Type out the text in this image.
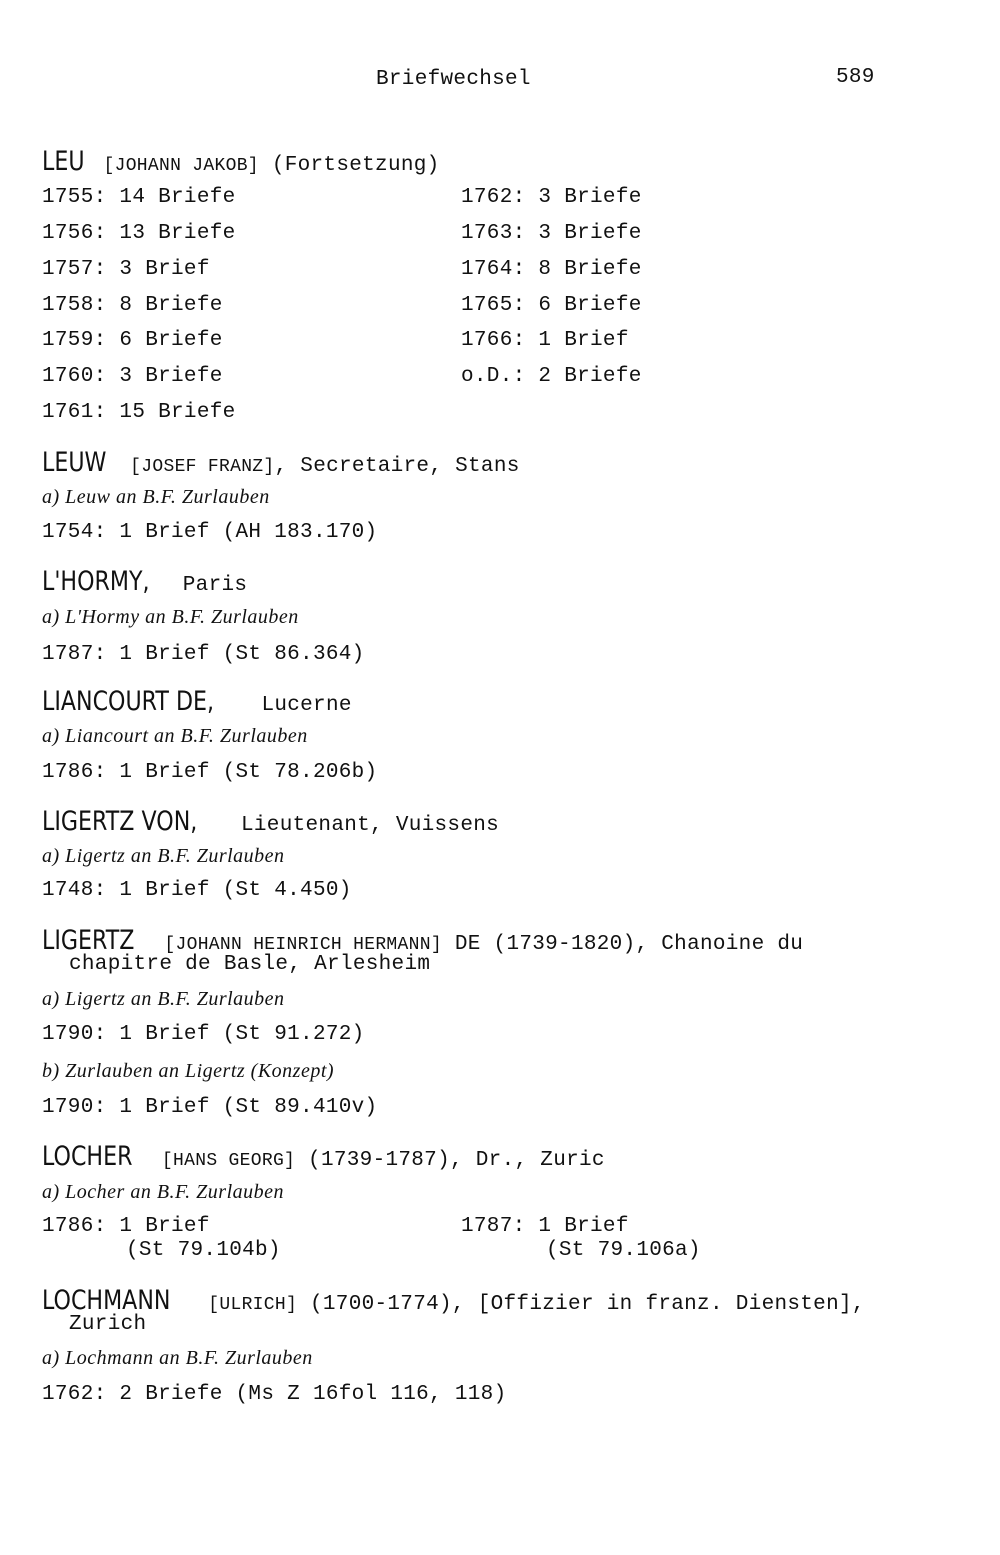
Briefwechsel	589
LEU [JOHANN JAKOB] (Fortsetzung)
1755: 14 Briefe
1756: 13 Briefe
1757: 3 Brief
1758: 8 Briefe
1759: 6 Briefe
1760: 3 Briefe
1761: 15 Briefe
1762: 3 Briefe
1763: 3 Briefe
1764: 8 Briefe
1765: 6 Briefe
1766: 1 Brief
o.D.: 2 Briefe
LEUW [JOSEF FRANZ], Secretaire, Stans
a) Leuw an B.F. Zurlauben
1754: 1 Brief (AH 183.170)
L'HORMY, Paris
a) L'Hormy an B.F. Zurlauben
1787: 1 Brief (St 86.364)
LIANCOURT DE, Lucerne
a) Liancourt an B.F. Zurlauben
1786: 1 Brief (St 78.206b)
LIGERTZ VON, Lieutenant, Vuissens
a) Ligertz an B.F. Zurlauben
1748: 1 Brief (St 4.450)
LIGERTZ [JOHANN HEINRICH HERMANN] DE (1739-1820), Chanoine du
chapitre de Basle, Arlesheim
a) Ligertz an B.F. Zurlauben
1790: 1 Brief (St 91.272)
b) Zurlauben an Ligertz (Konzept)
1790: 1 Brief (St 89.410v)
LOCHER [HANS GEORG] (1739-1787), Dr., Zuric
a) Locher an B.F. Zurlauben
1786: 1 Brief
(St 79.104b)
1787: 1 Brief
(St 79.106a)
LOCHMANN [ULRICH] (1700-1774), [Offizier in franz. Diensten],
Zurich
a) Lochmann an B.F. Zurlauben
1762: 2 Briefe (Ms Z 16fol 116, 118)
